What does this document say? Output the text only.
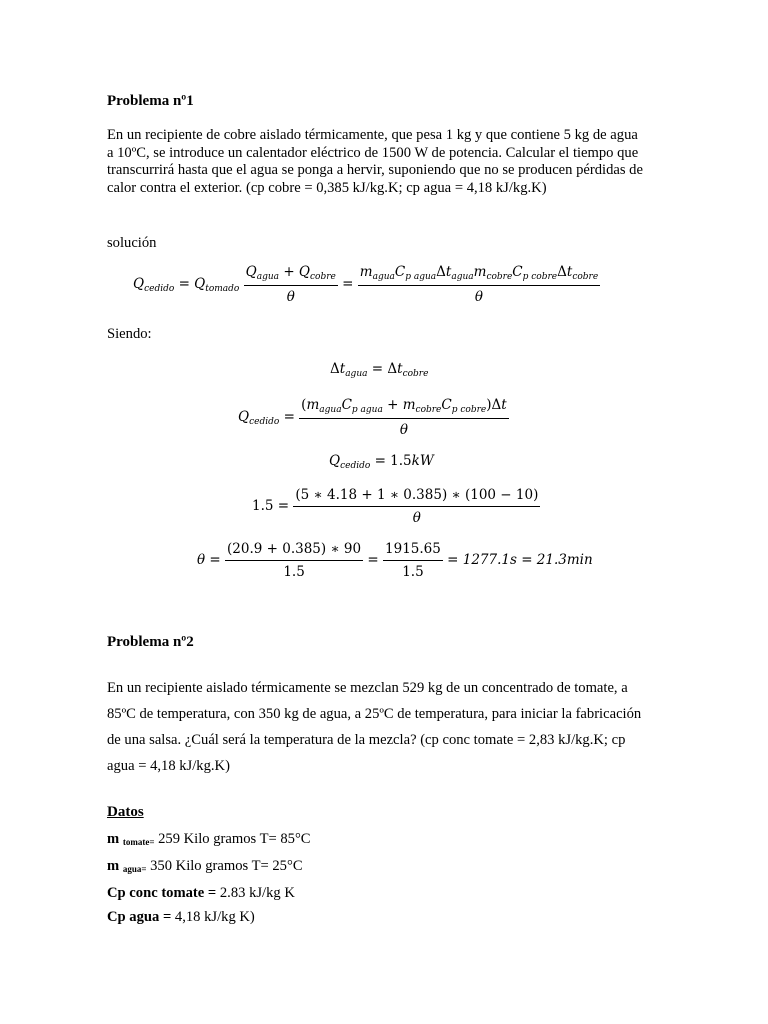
Problema nº1
En un recipiente de cobre aislado térmicamente, que pesa 1 kg y que contiene 5 kg de agua
a 10ºC, se introduce un calentador eléctrico de 1500 W de potencia. Calcular el tiempo que
transcurrirá hasta que el agua se ponga a hervir, suponiendo que no se producen pérdidas de
calor contra el exterior. (cp cobre = 0,385 kJ/kg.K; cp agua = 4,18 kJ/kg.K)
solución
$Q_{cedido} = Q_{tomado} \frac{Q_{agua} + Q_{cobre}}{\theta} = \frac{m_{agua}C_{p agua}\Delta t_{agua}m_{cobre}C_{p cobre}\Delta t_{cobre}}{\theta}$
Siendo:
$\Delta t_{agua} = \Delta t_{cobre}$
$Q_{cedido} = \frac{(m_{agua}C_{p agua} + m_{cobre}C_{p cobre})\Delta t}{\theta}$
$Q_{cedido} = 1.5kW$
$1.5 = \frac{(5 ∗ 4.18 + 1 ∗ 0.385) ∗ (100 - 10)}{\theta}$
$\theta = \frac{(20.9 + 0.385) ∗ 90}{1.5} = \frac{1915.65}{1.5} = 1277.1s = 21.3\min$
Problema nº2
En un recipiente aislado térmicamente se mezclan 529 kg de un concentrado de tomate, a
85ºC de temperatura, con 350 kg de agua, a 25ºC de temperatura, para iniciar la fabricación
de una salsa. ¿Cuál será la temperatura de la mezcla? (cp conc tomate = 2,83 kJ/kg.K; cp
agua = 4,18 kJ/kg.K)
Datos
m $_{tomate=}$ 259 Kilo gramos T= 85°C
m $_{agua=}$ 350 Kilo gramos T= 25°C
Cp conc tomate = 2.83 kJ/kg K
Cp agua = 4,18 kJ/kg K)
